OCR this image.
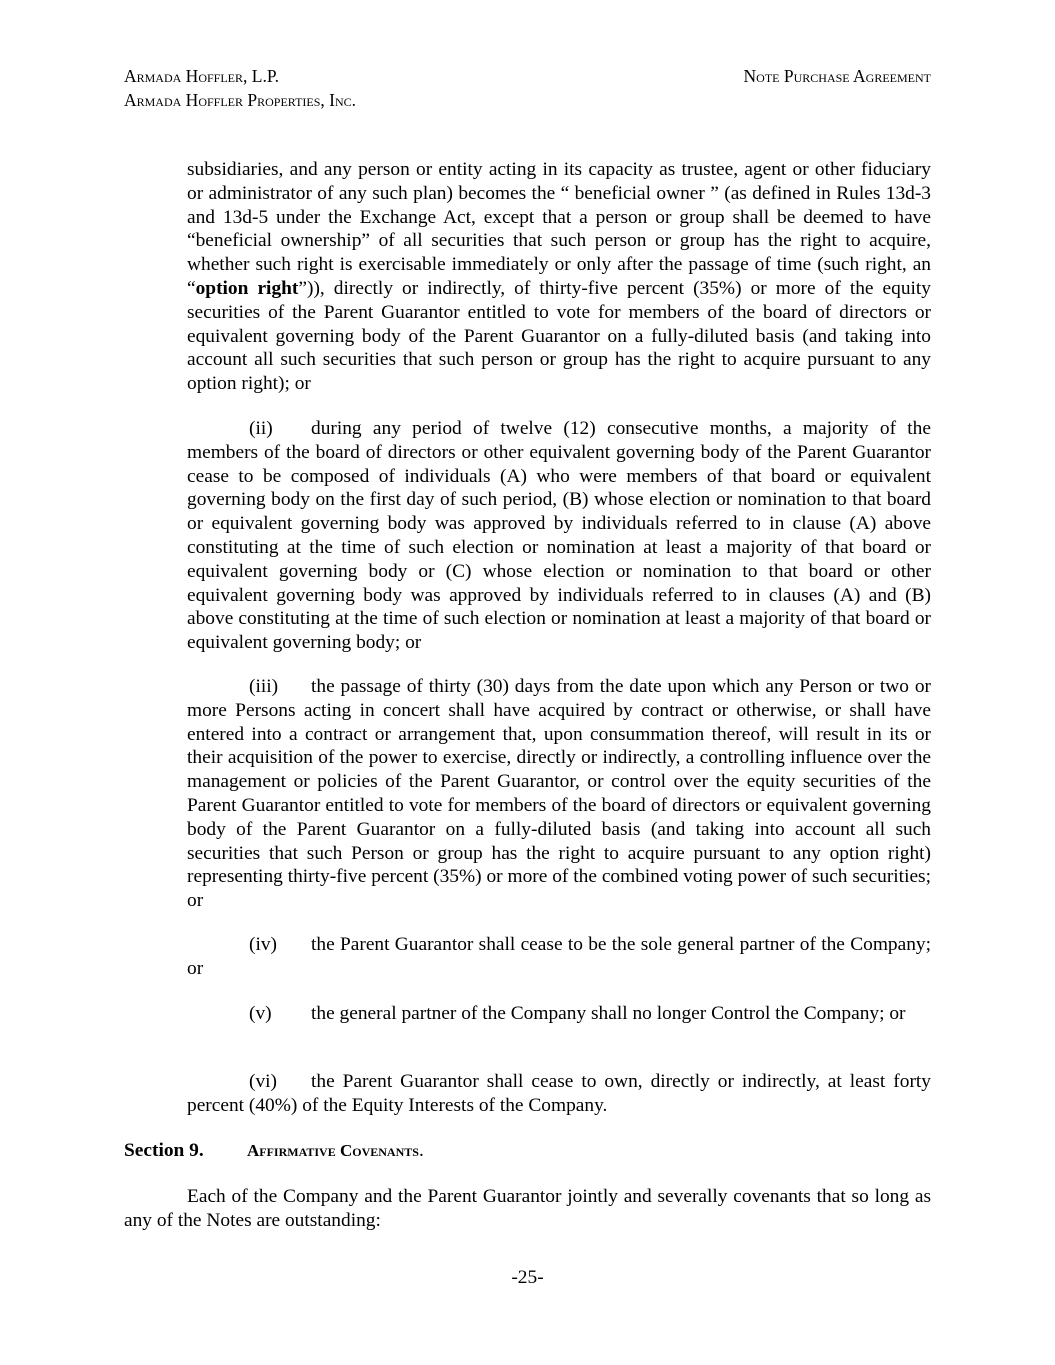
Armada Hoffler, L.P.
Armada Hoffler Properties, Inc.
Note Purchase Agreement

subsidiaries, and any person or entity acting in its capacity as trustee, agent or other fiduciary or administrator of any such plan) becomes the “ beneficial owner ” (as defined in Rules 13d-3 and 13d-5 under the Exchange Act, except that a person or group shall be deemed to have “beneficial ownership” of all securities that such person or group has the right to acquire, whether such right is exercisable immediately or only after the passage of time (such right, an “option right”)), directly or indirectly, of thirty-five percent (35%) or more of the equity securities of the Parent Guarantor entitled to vote for members of the board of directors or equivalent governing body of the Parent Guarantor on a fully-diluted basis (and taking into account all such securities that such person or group has the right to acquire pursuant to any option right); or

(ii) during any period of twelve (12) consecutive months, a majority of the members of the board of directors or other equivalent governing body of the Parent Guarantor cease to be composed of individuals (A) who were members of that board or equivalent governing body on the first day of such period, (B) whose election or nomination to that board or equivalent governing body was approved by individuals referred to in clause (A) above constituting at the time of such election or nomination at least a majority of that board or equivalent governing body or (C) whose election or nomination to that board or other equivalent governing body was approved by individuals referred to in clauses (A) and (B) above constituting at the time of such election or nomination at least a majority of that board or equivalent governing body; or

(iii) the passage of thirty (30) days from the date upon which any Person or two or more Persons acting in concert shall have acquired by contract or otherwise, or shall have entered into a contract or arrangement that, upon consummation thereof, will result in its or their acquisition of the power to exercise, directly or indirectly, a controlling influence over the management or policies of the Parent Guarantor, or control over the equity securities of the Parent Guarantor entitled to vote for members of the board of directors or equivalent governing body of the Parent Guarantor on a fully-diluted basis (and taking into account all such securities that such Person or group has the right to acquire pursuant to any option right) representing thirty-five percent (35%) or more of the combined voting power of such securities; or

(iv) the Parent Guarantor shall cease to be the sole general partner of the Company; or

(v) the general partner of the Company shall no longer Control the Company; or

(vi) the Parent Guarantor shall cease to own, directly or indirectly, at least forty percent (40%) of the Equity Interests of the Company.

Section 9.	Affirmative Covenants.

Each of the Company and the Parent Guarantor jointly and severally covenants that so long as any of the Notes are outstanding:

-25-
